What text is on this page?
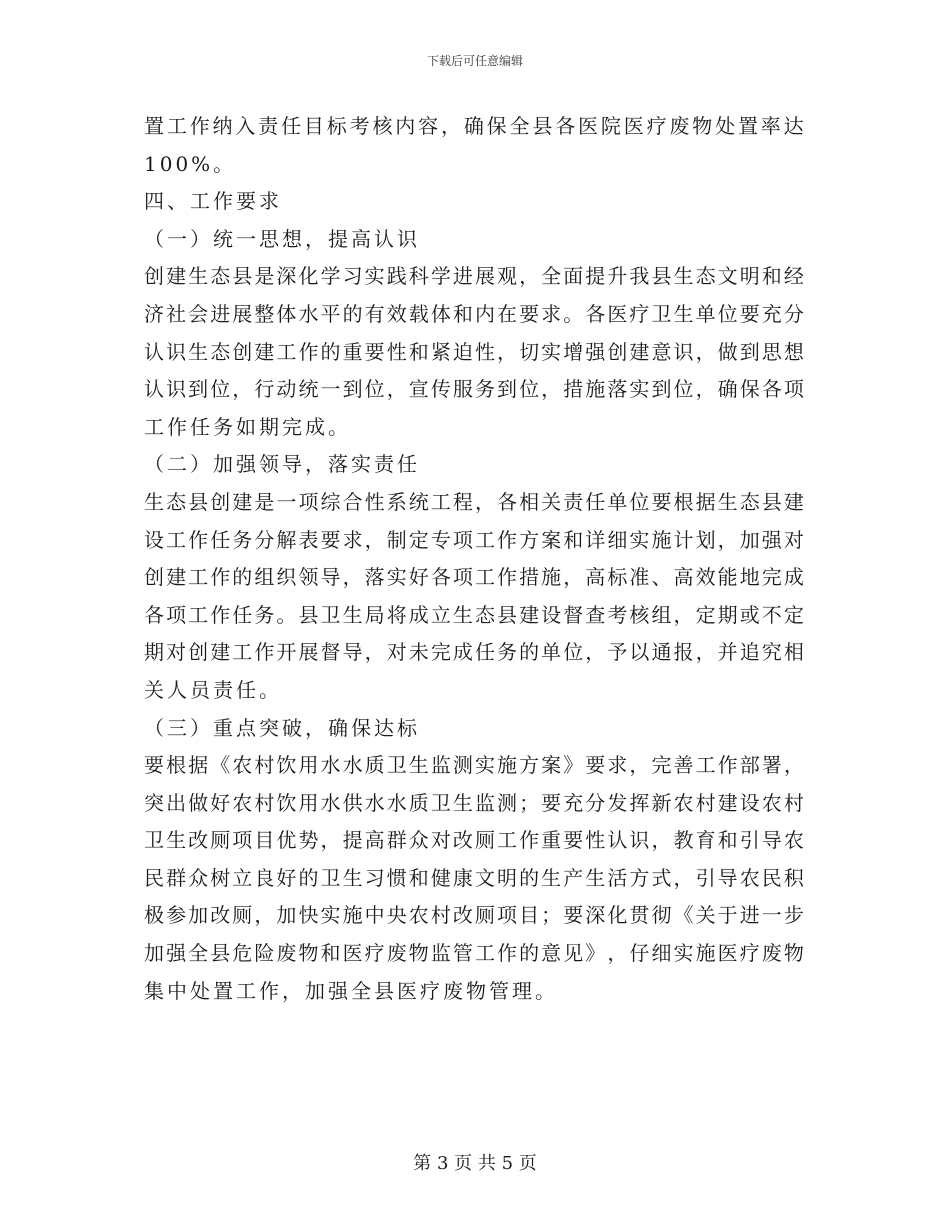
下载后可任意编辑
置 工 作 纳 入 责 任 目 标 考 核 内 容 ， 确 保 全 县 各 医 院 医 疗 废 物 处 置 率 达
100%。
四、工作要求
（一）统一思想，提高认识
创 建 生 态 县 是 深 化 学 习 实 践 科 学 进 展 观 ， 全 面 提 升 我 县 生 态 文 明 和 经
济 社 会 进 展 整 体 水 平 的 有 效 载 体 和 内 在 要 求 。 各 医 疗 卫 生 单 位 要 充 分
认 识 生 态 创 建 工 作 的 重 要 性 和 紧 迫 性 ， 切 实 增 强 创 建 意 识 ， 做 到 思 想
认 识 到 位 ， 行 动 统 一 到 位 ， 宣 传 服 务 到 位 ， 措 施 落 实 到 位 ， 确 保 各 项
工作任务如期完成。
（二）加强领导，落实责任
生 态 县 创 建 是 一 项 综 合 性 系 统 工 程 ， 各 相 关 责 任 单 位 要 根 据 生 态 县 建
设 工 作 任 务 分 解 表 要 求 ， 制 定 专 项 工 作 方 案 和 详 细 实 施 计 划 ， 加 强 对
创 建 工 作 的 组 织 领 导 ， 落 实 好 各 项 工 作 措 施 ， 高 标 准 、 高 效 能 地 完 成
各 项 工 作 任 务 。 县 卫 生 局 将 成 立 生 态 县 建 设 督 查 考 核 组 ， 定 期 或 不 定
期 对 创 建 工 作 开 展 督 导 ， 对 未 完 成 任 务 的 单 位 ， 予 以 通 报 ， 并 追 究 相
关人员责任。
（三）重点突破，确保达标
要 根 据 《 农 村 饮 用 水 水 质 卫 生 监 测 实 施 方 案 》 要 求 ， 完 善 工 作 部 署 ，
突 出 做 好 农 村 饮 用 水 供 水 水 质 卫 生 监 测 ； 要 充 分 发 挥 新 农 村 建 设 农 村
卫 生 改 厕 项 目 优 势 ， 提 高 群 众 对 改 厕 工 作 重 要 性 认 识 ， 教 育 和 引 导 农
民 群 众 树 立 良 好 的 卫 生 习 惯 和 健 康 文 明 的 生 产 生 活 方 式 ， 引 导 农 民 积
极 参 加 改 厕 ， 加 快 实 施 中 央 农 村 改 厕 项 目 ； 要 深 化 贯 彻 《 关 于 进 一 步
加 强 全 县 危 险 废 物 和 医 疗 废 物 监 管 工 作 的 意 见 》 ， 仔 细 实 施 医 疗 废 物
集中处置工作，加强全县医疗废物管理。
第 3 页 共 5 页
